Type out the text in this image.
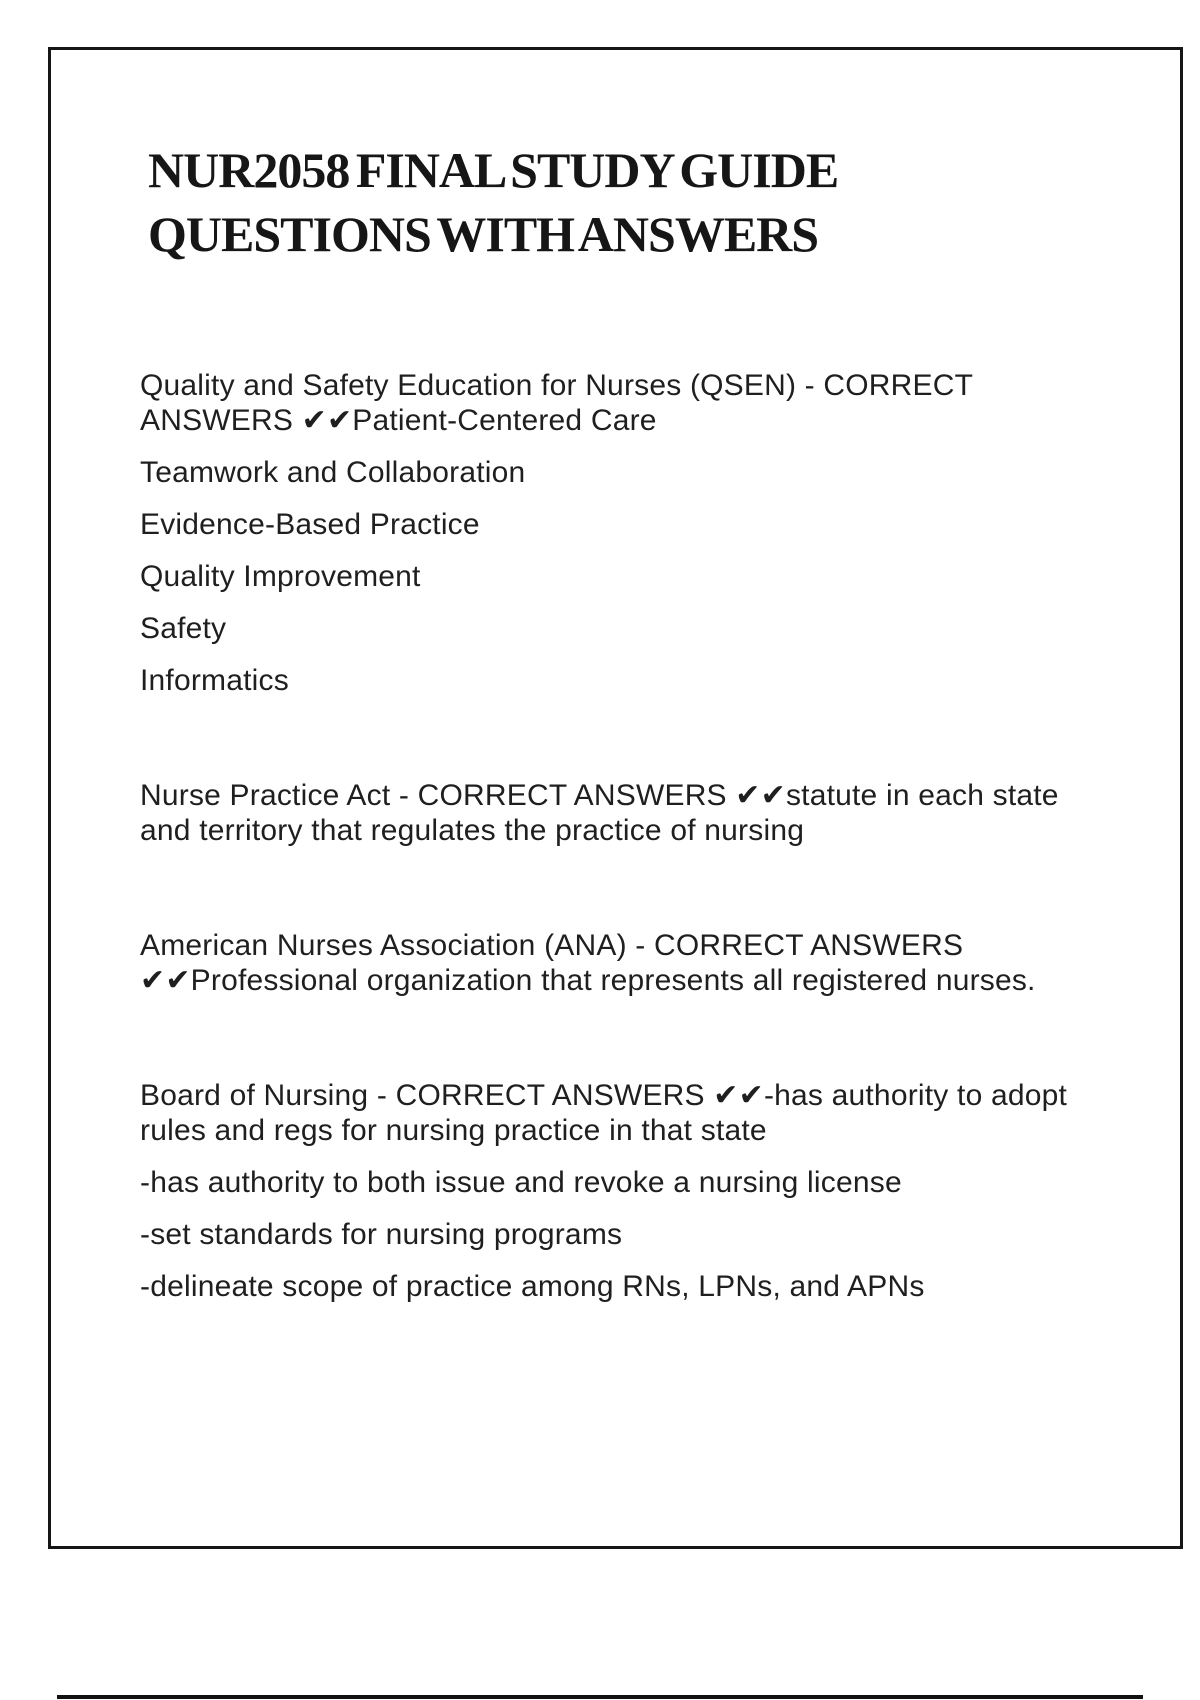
NUR2058 FINAL STUDY GUIDE
QUESTIONS WITH ANSWERS

Quality and Safety Education for Nurses (QSEN) - CORRECT
ANSWERS ✔✔Patient-Centered Care

Teamwork and Collaboration

Evidence-Based Practice

Quality Improvement

Safety

Informatics

Nurse Practice Act - CORRECT ANSWERS ✔✔statute in each state
and territory that regulates the practice of nursing

American Nurses Association (ANA) - CORRECT ANSWERS
✔✔Professional organization that represents all registered nurses.

Board of Nursing - CORRECT ANSWERS ✔✔-has authority to adopt
rules and regs for nursing practice in that state

-has authority to both issue and revoke a nursing license

-set standards for nursing programs

-delineate scope of practice among RNs, LPNs, and APNs
